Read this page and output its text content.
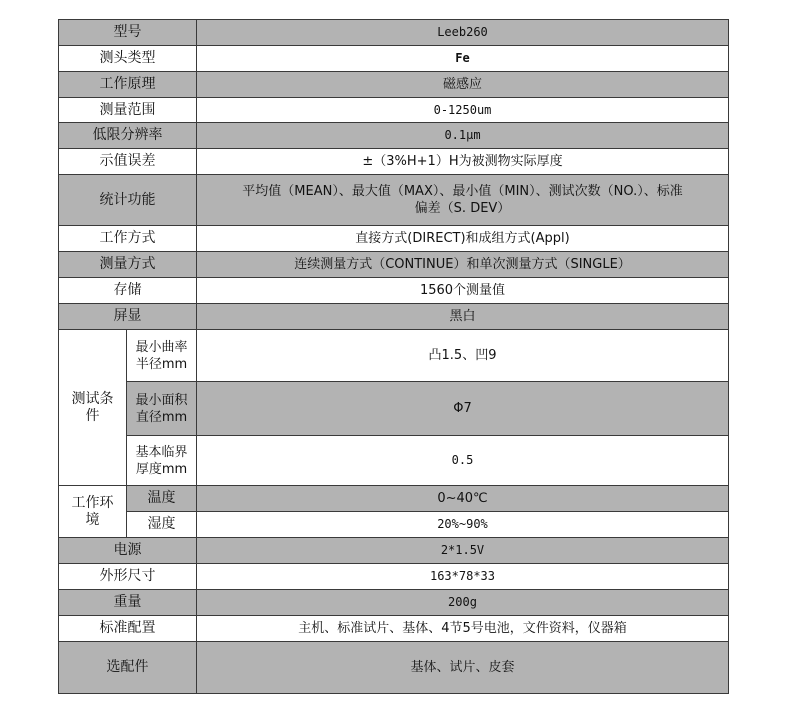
型号		Leeb260
测头类型		Fe
工作原理		磁感应
测量范围		0-1250um
低限分辨率		0.1μm
示值误差		±（3%H+1）H为被测物实际厚度
统计功能		平均值（MEAN）、最大值（MAX）、最小值（MIN）、测试次数（NO.）、标准偏差（S. DEV）
工作方式		直接方式(DIRECT)和成组方式(Appl)
测量方式		连续测量方式（CONTINUE）和单次测量方式（SINGLE）
存储		1560个测量值
屏显		黑白
测试条件	最小曲率半径mm	凸1.5、凹9
	最小面积直径mm	Φ7
	基本临界厚度mm	0.5
工作环境	温度	0~40℃
	湿度	20%~90%
电源		2*1.5V
外形尺寸		163*78*33
重量		200g
标准配置		主机、标准试片、基体、4节5号电池，文件资料，仪器箱
选配件		基体、试片、皮套
